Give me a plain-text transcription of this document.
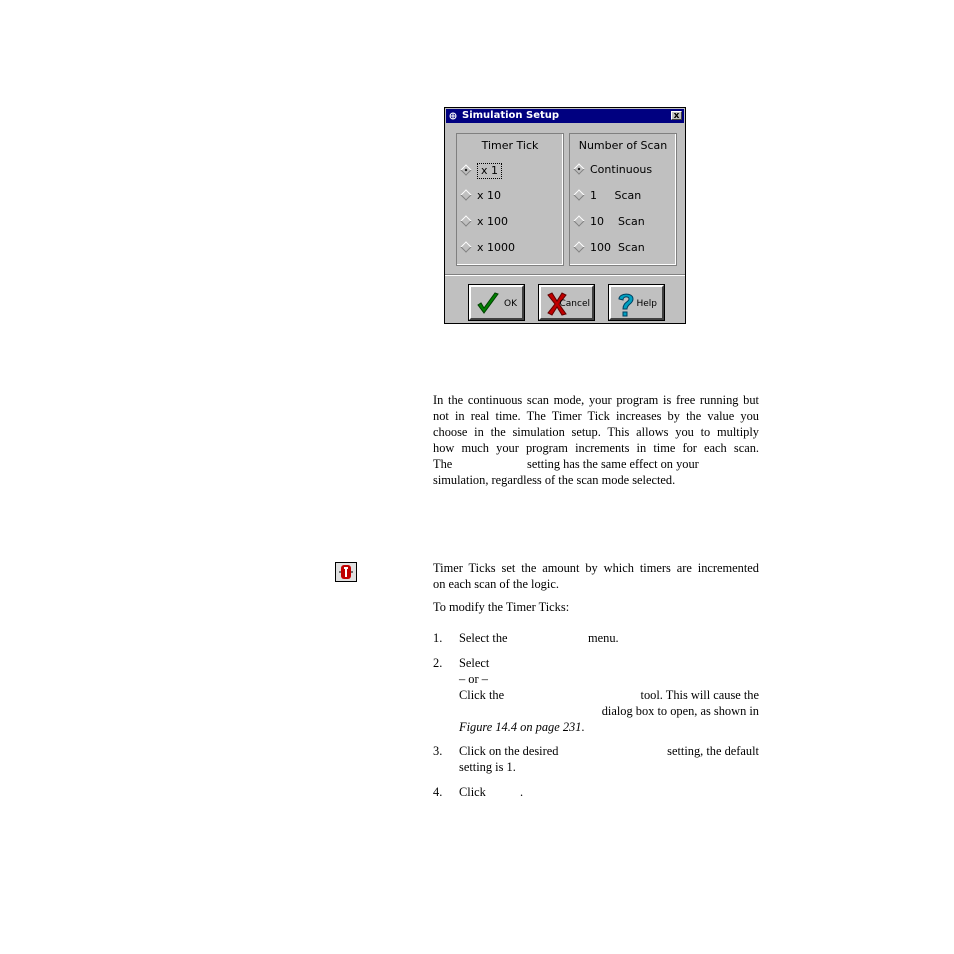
Simulation Setup	x
Timer Tick
x 1
x 10
x 100
x 1000
Number of Scan
Continuous
1     Scan
10    Scan
100  Scan
OK	Cancel	Help
In the continuous scan mode, your program is free running but
not in real time. The Timer Tick increases by the value you
choose in the simulation setup. This allows you to multiply
how much your program increments in time for each scan.
The	setting has the same effect on your
simulation, regardless of the scan mode selected.
Timer Ticks set the amount by which timers are incremented
on each scan of the logic.
To modify the Timer Ticks:
1. Select the	menu.
2. Select
– or –
Click the	tool. This will cause the
dialog box to open, as shown in
Figure 14.4 on page 231.
3. Click on the desired	setting, the default
setting is 1.
4. Click	.
